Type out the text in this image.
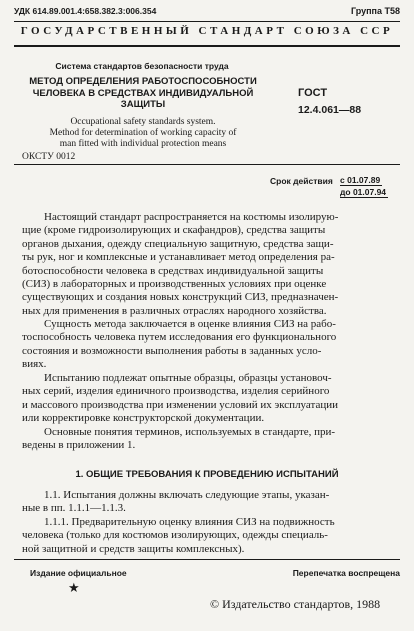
УДК 614.89.001.4:658.382.3:006.354	Группа Т58
ГОСУДАРСТВЕННЫЙ СТАНДАРТ СОЮЗА ССР
Система стандартов безопасности труда
МЕТОД ОПРЕДЕЛЕНИЯ РАБОТОСПОСОБНОСТИ
ЧЕЛОВЕКА В СРЕДСТВАХ ИНДИВИДУАЛЬНОЙ
ЗАЩИТЫ
Occupational safety standards system.
Method for determination of working capacity of
man fitted with individual protection means
ОКСТУ 0012
ГОСТ
12.4.061—88
Срок действия с 01.07.89
до 01.07.94
Настоящий стандарт распространяется на костюмы изолирую-
щие (кроме гидроизолирующих и скафандров), средства защиты
органов дыхания, одежду специальную защитную, средства защи-
ты рук, ног и комплексные и устанавливает метод определения ра-
ботоспособности человека в средствах индивидуальной защиты
(СИЗ) в лабораторных и производственных условиях при оценке
существующих и создания новых конструкций СИЗ, предназначен-
ных для применения в различных отраслях народного хозяйства.
Сущность метода заключается в оценке влияния СИЗ на рабо-
тоспособность человека путем исследования его функционального
состояния и возможности выполнения работы в заданных усло-
виях.
Испытанию подлежат опытные образцы, образцы установоч-
ных серий, изделия единичного производства, изделия серийного
и массового производства при изменении условий их эксплуатации
или корректировке конструкторской документации.
Основные понятия терминов, используемых в стандарте, при-
ведены в приложении 1.
1. ОБЩИЕ ТРЕБОВАНИЯ К ПРОВЕДЕНИЮ ИСПЫТАНИЙ
1.1. Испытания должны включать следующие этапы, указан-
ные в пп. 1.1.1—1.1.3.
1.1.1. Предварительную оценку влияния СИЗ на подвижность
человека (только для костюмов изолирующих, одежды специаль-
ной защитной и средств защиты комплексных).
Издание официальное
★
Перепечатка воспрещена
© Издательство стандартов, 1988
